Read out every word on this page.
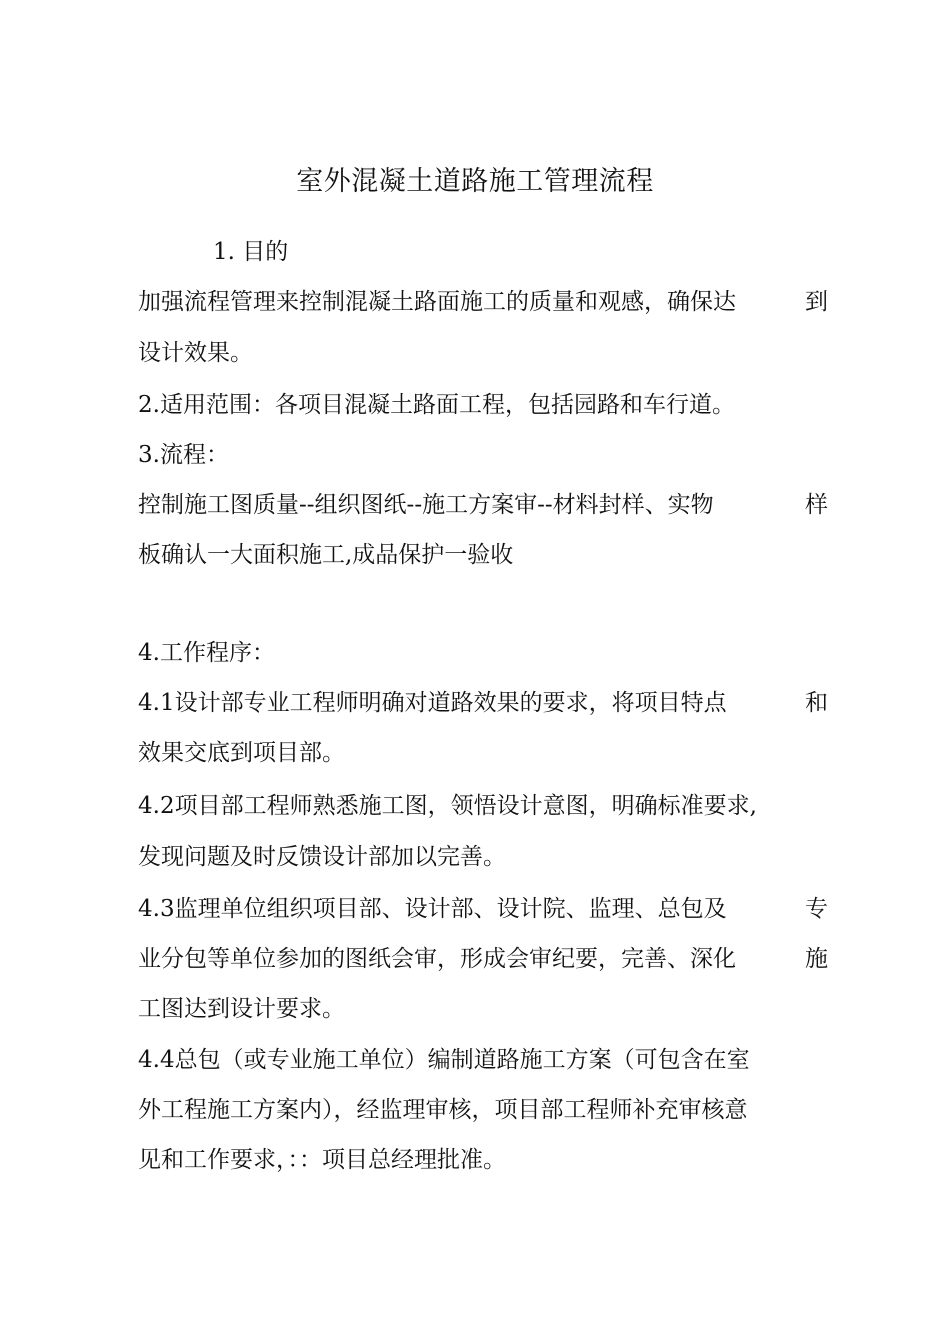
室外混凝土道路施工管理流程

1. 目的

加强流程管理来控制混凝土路面施工的质量和观感，确保达	到

设计效果。

2.适用范围：各项目混凝土路面工程，包括园路和车行道。

3.流程：

控制施工图质量--组织图纸--施工方案审--材料封样、实物	样

板确认一大面积施工,成品保护一验收

4.工作程序：

4.1设计部专业工程师明确对道路效果的要求，将项目特点	和

效果交底到项目部。

4.2项目部工程师熟悉施工图，领悟设计意图，明确标准要求,

发现问题及时反馈设计部加以完善。

4.3监理单位组织项目部、设计部、设计院、监理、总包及	专

业分包等单位参加的图纸会审，形成会审纪要，完善、深化	施

工图达到设计要求。

4.4总包（或专业施工单位）编制道路施工方案（可包含在室

外工程施工方案内），经监理审核，项目部工程师补充审核意

见和工作要求，：：项目总经理批准。
